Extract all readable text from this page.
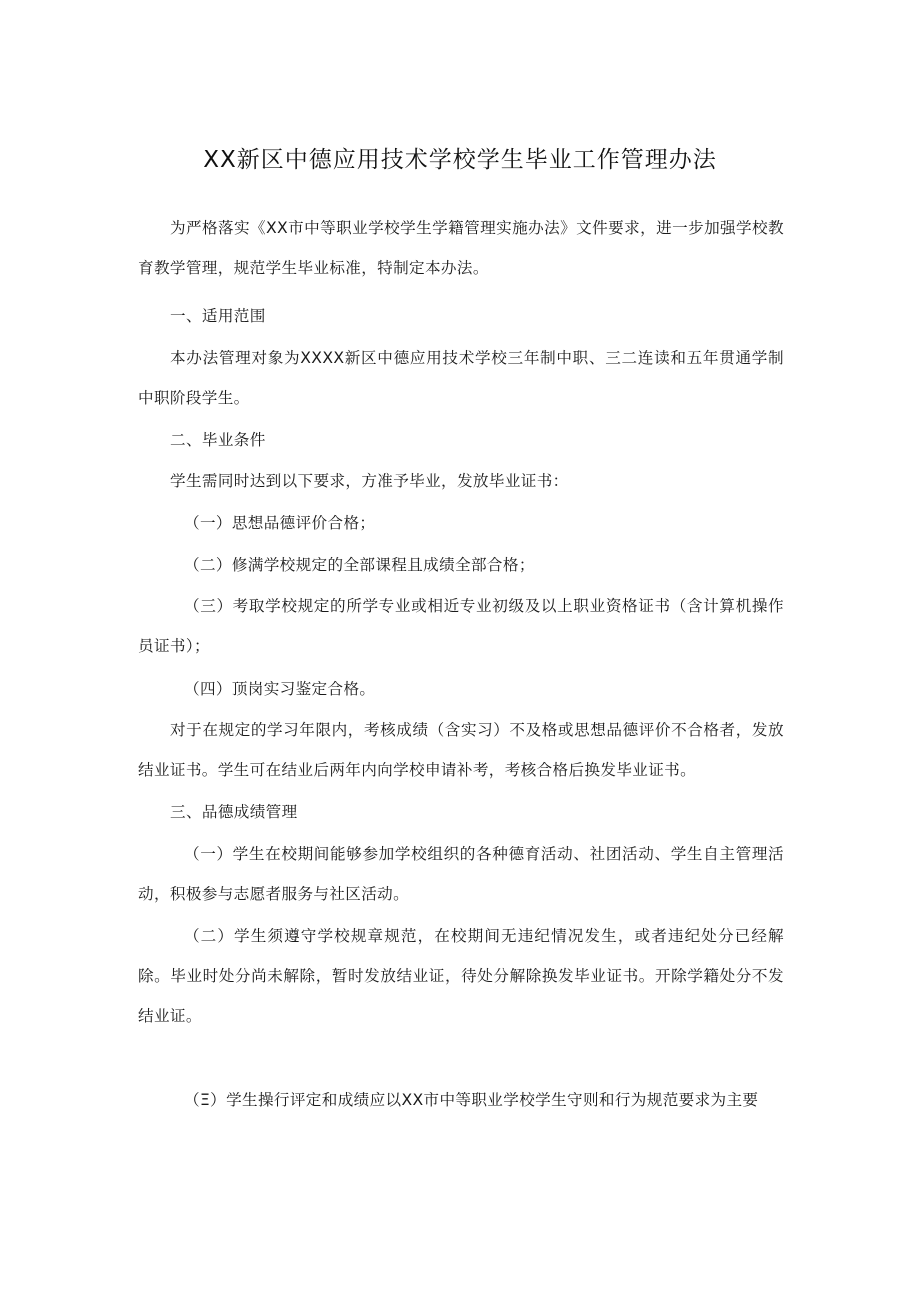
XX新区中德应用技术学校学生毕业工作管理办法

为严格落实《XX市中等职业学校学生学籍管理实施办法》文件要求，进一步加强学校教育教学管理，规范学生毕业标准，特制定本办法。

一、适用范围

本办法管理对象为XXXX新区中德应用技术学校三年制中职、三二连读和五年贯通学制中职阶段学生。

二、毕业条件

学生需同时达到以下要求，方准予毕业，发放毕业证书：

（一）思想品德评价合格；

（二）修满学校规定的全部课程且成绩全部合格；

（三）考取学校规定的所学专业或相近专业初级及以上职业资格证书（含计算机操作员证书）；

（四）顶岗实习鉴定合格。

对于在规定的学习年限内，考核成绩（含实习）不及格或思想品德评价不合格者，发放结业证书。学生可在结业后两年内向学校申请补考，考核合格后换发毕业证书。

三、品德成绩管理

（一）学生在校期间能够参加学校组织的各种德育活动、社团活动、学生自主管理活动，积极参与志愿者服务与社区活动。

（二）学生须遵守学校规章规范，在校期间无违纪情况发生，或者违纪处分已经解除。毕业时处分尚未解除，暂时发放结业证，待处分解除换发毕业证书。开除学籍处分不发结业证。

（Ξ）学生操行评定和成绩应以XX市中等职业学校学生守则和行为规范要求为主要
